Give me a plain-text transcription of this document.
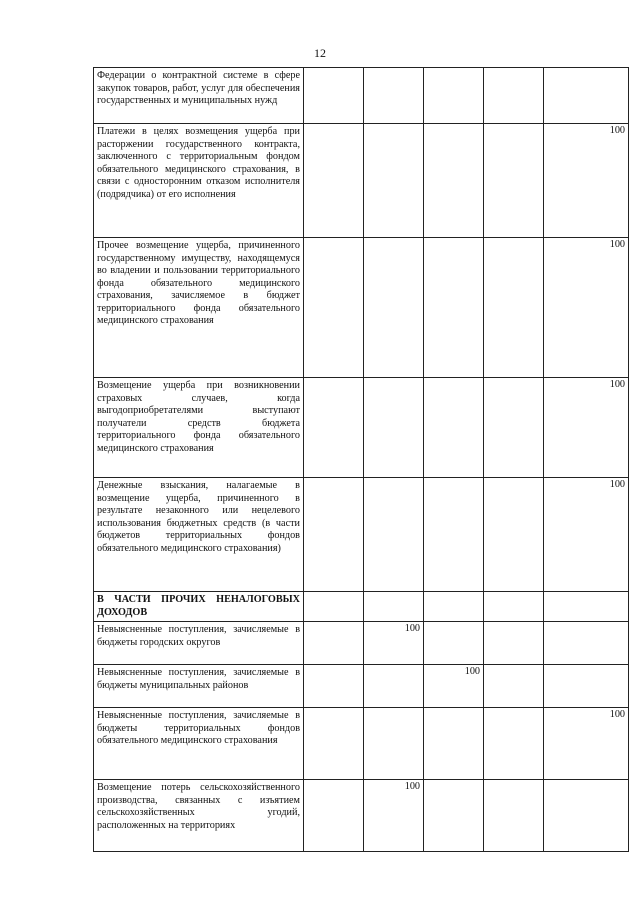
12
Федерации о контрактной системе в сфере закупок товаров, работ, услуг для обеспечения государственных и муниципальных нужд					
Платежи в целях возмещения ущерба при расторжении государственного контракта, заключенного с территориальным фондом обязательного медицинского страхования, в связи с односторонним отказом исполнителя (подрядчика) от его исполнения					100
Прочее возмещение ущерба, причиненного государственному имуществу, находящемуся во владении и пользовании территориального фонда обязательного медицинского страхования, зачисляемое в бюджет территориального фонда обязательного медицинского страхования					100
Возмещение ущерба при возникновении страховых случаев, когда выгодоприобретателями выступают получатели средств бюджета территориального фонда обязательного медицинского страхования					100
Денежные взыскания, налагаемые в возмещение ущерба, причиненного в результате незаконного или нецелевого использования бюджетных средств (в части бюджетов территориальных фондов обязательного медицинского страхования)					100
В ЧАСТИ ПРОЧИХ НЕНАЛОГОВЫХ ДОХОДОВ					
Невыясненные поступления, зачисляемые в бюджеты городских округов		100			
Невыясненные поступления, зачисляемые в бюджеты муниципальных районов			100		
Невыясненные поступления, зачисляемые в бюджеты территориальных фондов обязательного медицинского страхования					100
Возмещение потерь сельскохозяйственного производства, связанных с изъятием сельскохозяйственных угодий, расположенных на территориях		100			
